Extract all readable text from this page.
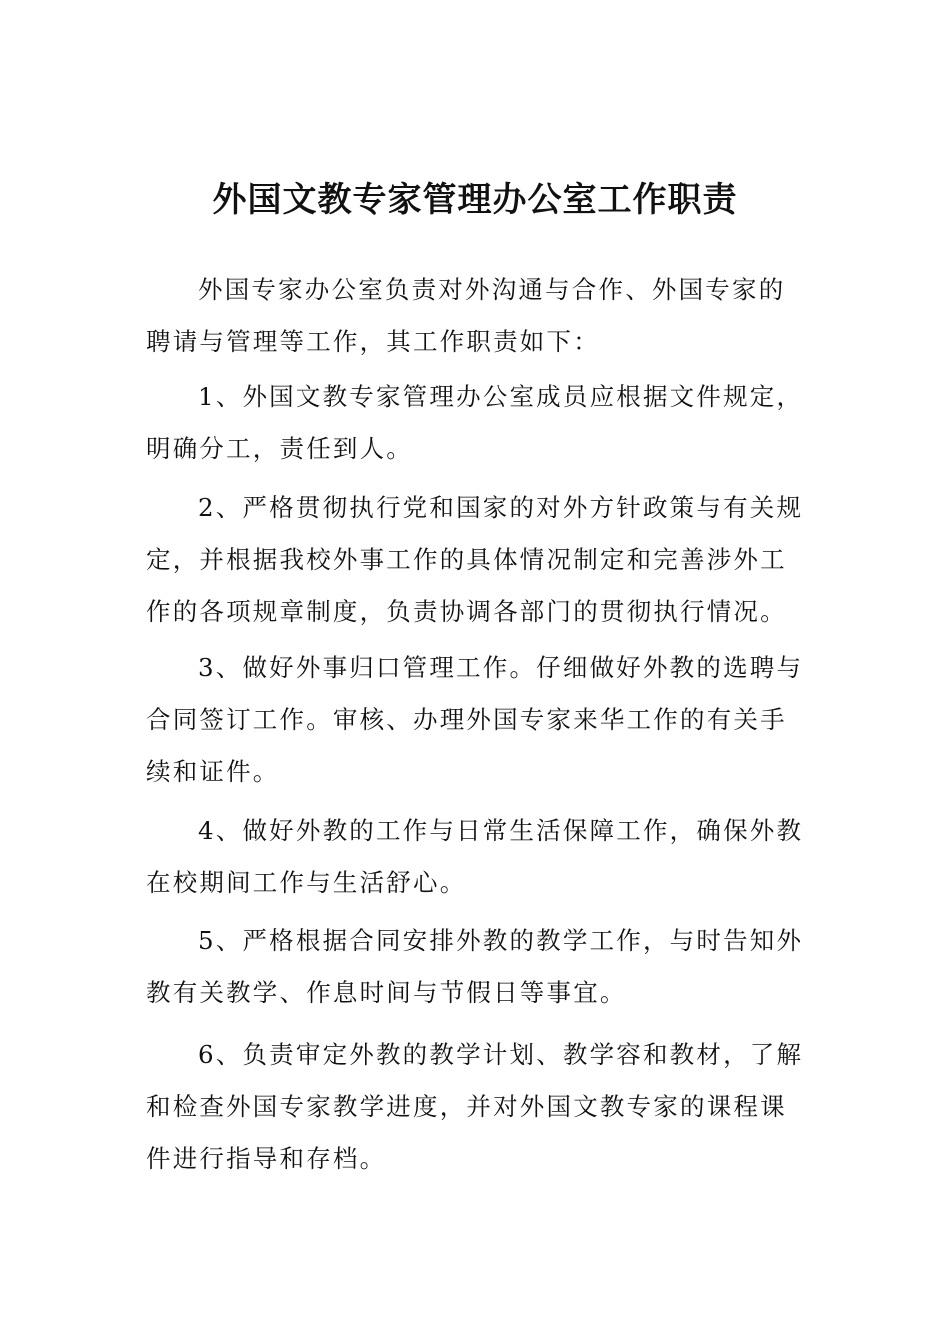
外国文教专家管理办公室工作职责

外国专家办公室负责对外沟通与合作、外国专家的聘请与管理等工作，其工作职责如下：

1、外国文教专家管理办公室成员应根据文件规定，明确分工，责任到人。

2、严格贯彻执行党和国家的对外方针政策与有关规定，并根据我校外事工作的具体情况制定和完善涉外工作的各项规章制度，负责协调各部门的贯彻执行情况。

3、做好外事归口管理工作。仔细做好外教的选聘与合同签订工作。审核、办理外国专家来华工作的有关手续和证件。

4、做好外教的工作与日常生活保障工作，确保外教在校期间工作与生活舒心。

5、严格根据合同安排外教的教学工作，与时告知外教有关教学、作息时间与节假日等事宜。

6、负责审定外教的教学计划、教学容和教材，了解和检查外国专家教学进度，并对外国文教专家的课程课件进行指导和存档。
